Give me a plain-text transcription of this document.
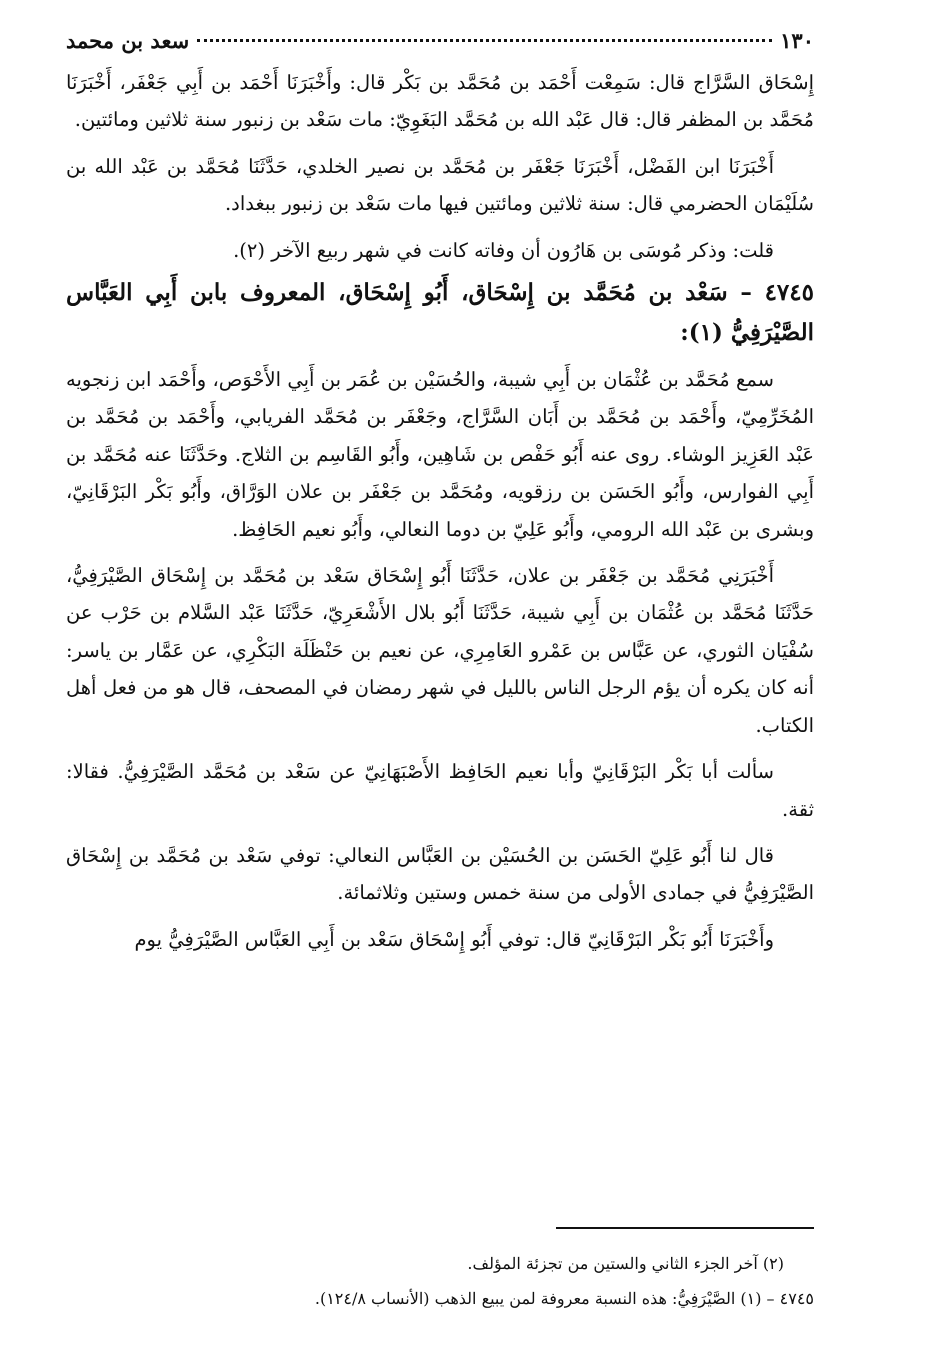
١٣٠
سعد بن محمد

إِسْحَاق السَّرَّاج قال: سَمِعْت أَحْمَد بن مُحَمَّد بن بَكْر قال: وأَخْبَرَنَا أَحْمَد بن أَبِي جَعْفَر، أَخْبَرَنَا مُحَمَّد بن المظفر قال: قال عَبْد الله بن مُحَمَّد البَغَوِيّ: مات سَعْد بن زنبور سنة ثلاثين ومائتين.

أَخْبَرَنَا ابن الفَضْل، أَخْبَرَنَا جَعْفَر بن مُحَمَّد بن نصير الخلدي، حَدَّثَنَا مُحَمَّد بن عَبْد الله بن سُلَيْمَان الحضرمي قال: سنة ثلاثين ومائتين فيها مات سَعْد بن زنبور ببغداد.

قلت: وذكر مُوسَى بن هَارُون أن وفاته كانت في شهر ربيع الآخر (٢).

٤٧٤٥ – سَعْد بن مُحَمَّد بن إِسْحَاق، أَبُو إِسْحَاق، المعروف بابن أَبِي العَبَّاس الصَّيْرَفِيُّ (١):

سمع مُحَمَّد بن عُثْمَان بن أَبِي شيبة، والحُسَيْن بن عُمَر بن أَبِي الأَحْوَص، وأَحْمَد ابن زنجويه المُخَرِّمِيّ، وأَحْمَد بن مُحَمَّد بن أَبَان السَّرَّاج، وجَعْفَر بن مُحَمَّد الفريابي، وأَحْمَد بن مُحَمَّد بن عَبْد العَزِيز الوشاء. روى عنه أَبُو حَفْص بن شَاهِين، وأَبُو القَاسِم بن الثلاج. وحَدَّثَنَا عنه مُحَمَّد بن أَبِي الفوارس، وأَبُو الحَسَن بن رزقويه، ومُحَمَّد بن جَعْفَر بن علان الوَرَّاق، وأَبُو بَكْر البَرْقَانِيّ، وبشرى بن عَبْد الله الرومي، وأَبُو عَلِيّ بن دوما النعالي، وأَبُو نعيم الحَافِظ.

أَخْبَرَنِي مُحَمَّد بن جَعْفَر بن علان، حَدَّثَنَا أَبُو إِسْحَاق سَعْد بن مُحَمَّد بن إِسْحَاق الصَّيْرَفِيُّ، حَدَّثَنَا مُحَمَّد بن عُثْمَان بن أَبِي شيبة، حَدَّثَنَا أَبُو بلال الأَشْعَرِيّ، حَدَّثَنَا عَبْد السَّلام بن حَرْب عن سُفْيَان الثوري، عن عَبَّاس بن عَمْرو العَامِرِي، عن نعيم بن حَنْظَلَة البَكْرِي، عن عَمَّار بن ياسر: أنه كان يكره أن يؤم الرجل الناس بالليل في شهر رمضان في المصحف، قال هو من فعل أهل الكتاب.

سألت أبا بَكْر البَرْقَانِيّ وأبا نعيم الحَافِظ الأَصْبَهَانِيّ عن سَعْد بن مُحَمَّد الصَّيْرَفِيُّ. فقالا: ثقة.

قال لنا أَبُو عَلِيّ الحَسَن بن الحُسَيْن بن العَبَّاس النعالي: توفي سَعْد بن مُحَمَّد بن إِسْحَاق الصَّيْرَفِيُّ في جمادى الأولى من سنة خمس وستين وثلاثمائة.

وأَخْبَرَنَا أَبُو بَكْر البَرْقَانِيّ قال: توفي أَبُو إِسْحَاق سَعْد بن أَبِي العَبَّاس الصَّيْرَفِيُّ يوم

(٢) آخر الجزء الثاني والستين من تجزئة المؤلف.

٤٧٤٥ – (١) الصَّيْرَفِيُّ: هذه النسبة معروفة لمن يبيع الذهب (الأنساب ١٢٤/٨).
